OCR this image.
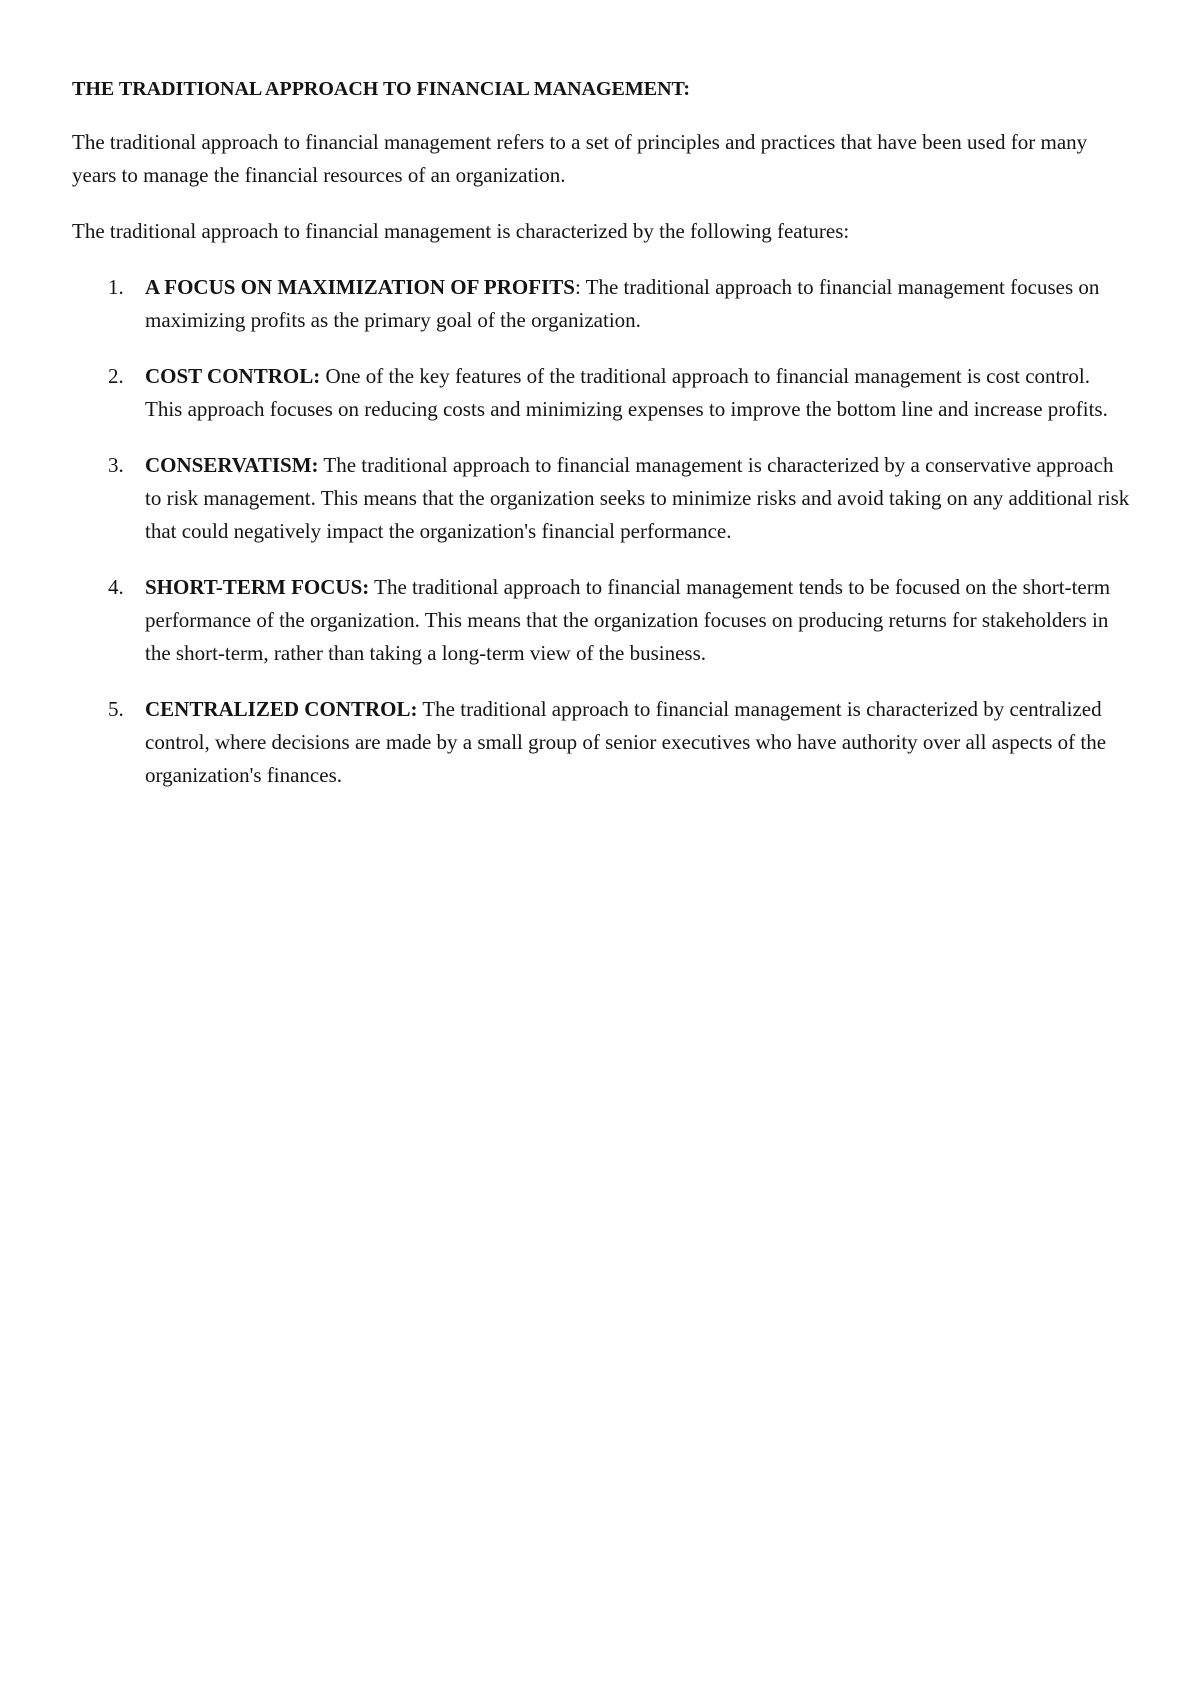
THE TRADITIONAL APPROACH TO FINANCIAL MANAGEMENT:

The traditional approach to financial management refers to a set of principles and practices that have been used for many years to manage the financial resources of an organization.

The traditional approach to financial management is characterized by the following features:

1. A FOCUS ON MAXIMIZATION OF PROFITS: The traditional approach to financial management focuses on maximizing profits as the primary goal of the organization.
2. COST CONTROL: One of the key features of the traditional approach to financial management is cost control. This approach focuses on reducing costs and minimizing expenses to improve the bottom line and increase profits.
3. CONSERVATISM: The traditional approach to financial management is characterized by a conservative approach to risk management. This means that the organization seeks to minimize risks and avoid taking on any additional risk that could negatively impact the organization's financial performance.
4. SHORT-TERM FOCUS: The traditional approach to financial management tends to be focused on the short-term performance of the organization. This means that the organization focuses on producing returns for stakeholders in the short-term, rather than taking a long-term view of the business.
5. CENTRALIZED CONTROL: The traditional approach to financial management is characterized by centralized control, where decisions are made by a small group of senior executives who have authority over all aspects of the organization's finances.
